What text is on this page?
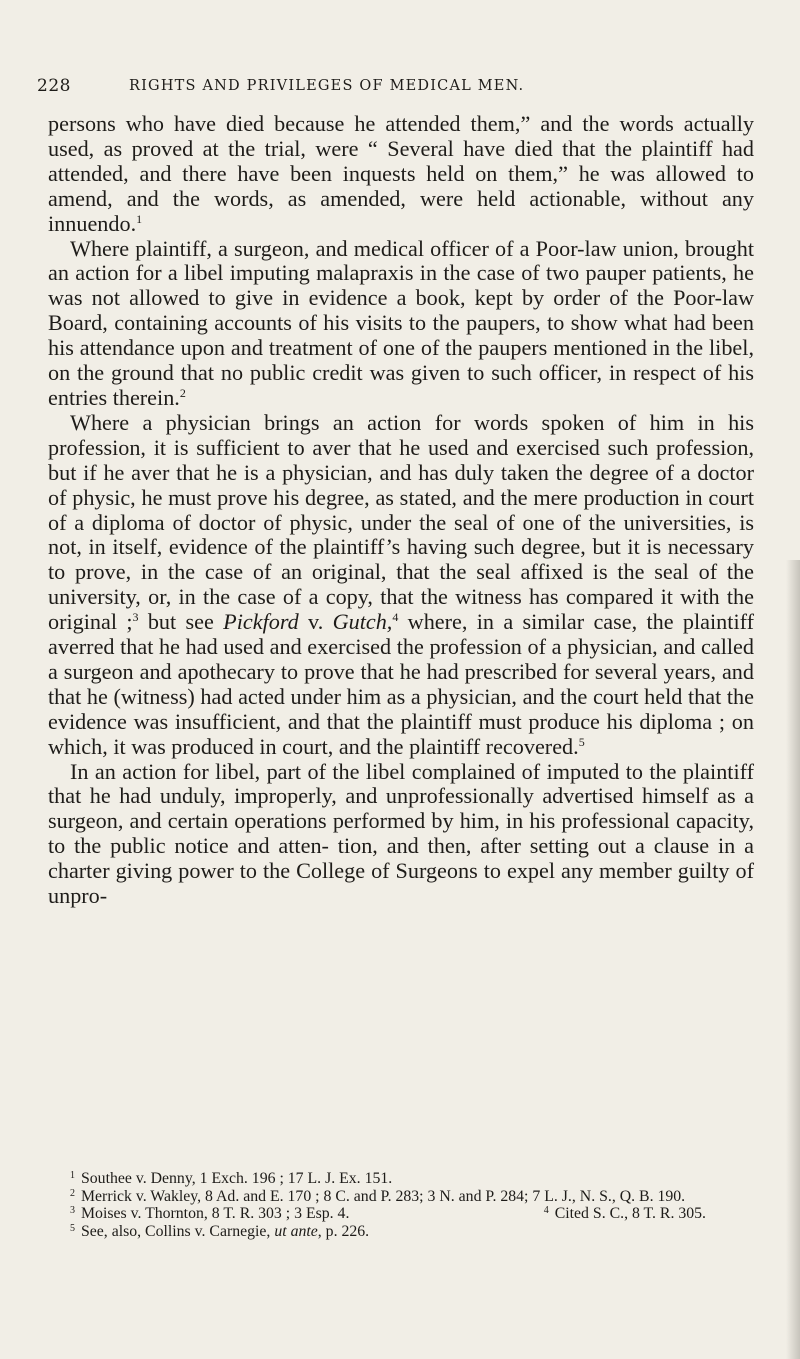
228	RIGHTS AND PRIVILEGES OF MEDICAL MEN.

persons who have died because he attended them,” and the words actually used, as proved at the trial, were “ Several have died that the plaintiff had attended, and there have been inquests held on them,” he was allowed to amend, and the words, as amended, were held actionable, without any innuendo.$^1$

Where plaintiff, a surgeon, and medical officer of a Poor-law union, brought an action for a libel imputing malapraxis in the case of two pauper patients, he was not allowed to give in evidence a book, kept by order of the Poor-law Board, containing accounts of his visits to the paupers, to show what had been his attendance upon and treatment of one of the paupers mentioned in the libel, on the ground that no public credit was given to such officer, in respect of his entries therein.$^2$

Where a physician brings an action for words spoken of him in his profession, it is sufficient to aver that he used and exercised such profession, but if he aver that he is a physician, and has duly taken the degree of a doctor of physic, he must prove his degree, as stated, and the mere production in court of a diploma of doctor of physic, under the seal of one of the universities, is not, in itself, evidence of the plaintiff’s having such degree, but it is necessary to prove, in the case of an original, that the seal affixed is the seal of the university, or, in the case of a copy, that the witness has compared it with the original ;$^3$ but see Pickford v. Gutch,$^4$ where, in a similar case, the plaintiff averred that he had used and exercised the profession of a physician, and called a surgeon and apothecary to prove that he had prescribed for several years, and that he (witness) had acted under him as a physician, and the court held that the evidence was insufficient, and that the plaintiff must produce his diploma ; on which, it was produced in court, and the plaintiff recovered.$^5$

In an action for libel, part of the libel complained of imputed to the plaintiff that he had unduly, improperly, and unprofessionally advertised himself as a surgeon, and certain operations performed by him, in his professional capacity, to the public notice and atten- tion, and then, after setting out a clause in a charter giving power to the College of Surgeons to expel any member guilty of unpro-

$^1$ Southee v. Denny, 1 Exch. 196 ; 17 L. J. Ex. 151.

$^2$ Merrick v. Wakley, 8 Ad. and E. 170 ; 8 C. and P. 283; 3 N. and P. 284; 7 L. J., N. S., Q. B. 190.

$^3$ Moises v. Thornton, 8 T. R. 303 ; 3 Esp. 4.	$^4$ Cited S. C., 8 T. R. 305.

$^5$ See, also, Collins v. Carnegie, ut ante, p. 226.
